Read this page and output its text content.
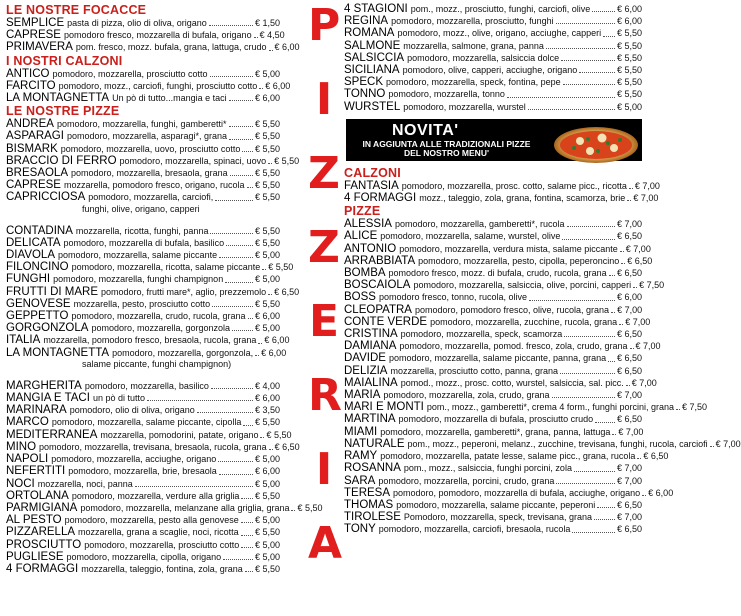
LE NOSTRE FOCACCE
SEMPLICE pasta di pizza, olio di oliva, origano	€ 1,50
CAPRESE pomodoro fresco, mozzarella di bufala, origano € 4,50
PRIMAVERA pom. fresco, mozz. bufala, grana, lattuga, crudo € 6,00
I NOSTRI CALZONI
ANTICO pomodoro, mozzarella, prosciutto cotto	€ 5,00
FARCITO pomodoro, mozz., carciofi, funghi, prosciutto cotto € 6,00
LA MONTAGNETTA Un pò di tutto...mangia e taci	€ 6,00
LE NOSTRE PIZZE
ANDREA pomodoro, mozzarella, funghi, gamberetti*	€ 5,50
ASPARAGI pomodoro, mozzarella, asparagi*, grana	€ 5,50
BISMARK pomodoro, mozzarella, uovo, prosciutto cotto € 5,50
BRACCIO DI FERRO pomodoro, mozzarella, spinaci, uovo € 5,50
BRESAOLA pomodoro, mozzarella, bresaola, grana	€ 5,50
CAPRESE mozzarella, pomodoro fresco, origano, rucola € 5,50
CAPRICCIOSA pomodoro, mozzarella, carciofi,	€ 5,50
funghi, olive, origano, capperi
CONTADINA mozzarella, ricotta, funghi, panna	€ 5,50
DELICATA pomodoro, mozzarella di bufala, basilico	€ 5,50
DIAVOLA pomodoro, mozzarella, salame piccante	€ 5,00
FILONCINO pomodoro, mozzarella, ricotta, salame piccante € 5,50
FUNGHI pomodoro, mozzarella, funghi champignon	€ 5,00
FRUTTI DI MARE pomodoro, frutti mare*, aglio, prezzemolo € 6,50
GENOVESE mozzarella, pesto, prosciutto cotto	€ 5,50
GEPPETTO pomodoro, mozzarella, crudo, rucola, grana € 6,00
GORGONZOLA pomodoro, mozzarella, gorgonzola	€ 5,00
ITALIA mozzarella, pomodoro fresco, bresaola, rucola, grana € 6,00
LA MONTAGNETTA pomodoro, mozzarella, gorgonzola, € 6,00
salame piccante, funghi champignon)
MARGHERITA pomodoro, mozzarella, basilico	€ 4,00
MANGIA E TACI un pò di tutto	€ 6,00
MARINARA pomodoro, olio di oliva, origano	€ 3,50
MARCO pomodoro, mozzarella, salame piccante, cipolla € 5,50
MEDITERRANEA mozzarella, pomodorini, patate, origano € 5,50
MINO pomodoro, mozzarella, trevisana, bresaola, rucola, grana € 6,50
NAPOLI pomodoro, mozzarella, acciughe, origano	€ 5,00
NEFERTITI pomodoro, mozzarella, brie, bresaola	€ 6,00
NOCI mozzarella, noci, panna	€ 5,00
ORTOLANA pomodoro, mozzarella, verdure alla griglia € 5,50
PARMIGIANA pomodoro, mozzarella, melanzane alla griglia, grana € 5,50
AL PESTO pomodoro, mozzarella, pesto alla genovese € 5,00
PIZZARELLA mozzarella, grana a scaglie, noci, ricotta € 5,50
PROSCIUTTO pomodoro, mozzarella, prosciutto cotto € 5,00
PUGLIESE pomodoro, mozzarella, cipolla, origano	€ 5,00
4 FORMAGGI mozzarella, taleggio, fontina, zola, grana € 5,50
P
I
Z
Z
E
R
I
A
4 STAGIONI pom., mozz., prosciutto, funghi, carciofi, olive	€ 6,00
REGINA pomodoro, mozzarella, prosciutto, funghi	€ 6,00
ROMANA pomodoro, mozz., olive, origano, acciughe, capperi € 5,50
SALMONE mozzarella, salmone, grana, panna	€ 5,50
SALSICCIA pomodoro, mozzarella, salsiccia dolce	€ 5,50
SICILIANA pomodoro, olive, capperi, acciughe, origano	€ 5,50
SPECK pomodoro, mozzarella, speck, fontina, pepe	€ 5,50
TONNO pomodoro, mozzarella, tonno	€ 5,50
WURSTEL pomodoro, mozzarella, wurstel	€ 5,00
NOVITA'
IN AGGIUNTA ALLE TRADIZIONALI PIZZE DEL NOSTRO MENU'
CALZONI
FANTASIA pomodoro, mozzarella, prosc. cotto, salame picc., ricotta € 7,00
4 FORMAGGI mozz., taleggio, zola, grana, fontina, scamorza, brie € 7,00
PIZZE
ALESSIA pomodoro, mozzarella, gamberetti*, rucola	€ 7,00
ALICE pomodoro, mozzarella, salame, wurstel, olive	€ 6,50
ANTONIO pomodoro, mozzarella, verdura mista, salame piccante € 7,00
ARRABBIATA pomodoro, mozzarella, pesto, cipolla, peperoncino € 6,50
BOMBA pomodoro fresco, mozz. di bufala, crudo, rucola, grana € 6,50
BOSCAIOLA pomodoro, mozzarella, salsiccia, olive, porcini, capperi € 7,50
BOSS pomodoro fresco, tonno, rucola, olive	€ 6,00
CLEOPATRA pomodoro, pomodoro fresco, olive, rucola, grana € 7,00
CONTE VERDE pomodoro, mozzarella, zucchine, rucola, grana € 7,00
CRISTINA pomodoro, mozzarella, speck, scamorza	€ 6,50
DAMIANA pomodoro, mozzarella, pomod. fresco, zola, crudo, grana € 7,00
DAVIDE pomodoro, mozzarella, salame piccante, panna, grana € 6,50
DELIZIA mozzarella, prosciutto cotto, panna, grana	€ 6,50
MAIALINA pomod., mozz., prosc. cotto, wurstel, salsiccia, sal. picc. € 7,00
MARIA pomodoro, mozzarella, zola, crudo, grana	€ 7,00
MARI E MONTI pom., mozz., gamberetti*, crema 4 form., funghi porcini, grana € 7,50
MARTINA pomodoro, mozzarella di bufala, prosciutto crudo	€ 6,50
MIAMI pomodoro, mozzarella, gamberetti*, grana, panna, lattuga € 7,00
NATURALE pom., mozz., peperoni, melanz., zucchine, trevisana, funghi, rucola, carciofi € 7,00
RAMY pomodoro, mozzarella, patate lesse, salame picc., grana, rucola € 6,50
ROSANNA pom., mozz., salsiccia, funghi porcini, zola	€ 7,00
SARA pomodoro, mozzarella, porcini, crudo, grana	€ 7,00
TERESA pomodoro, pomodoro, mozzarella di bufala, acciughe, origano € 6,00
THOMAS pomodoro, mozzarella, salame piccante, peperoni € 6,50
TIROLESE Pomodoro, mozzarella, speck, trevisana, grana	€ 7,00
TONY pomodoro, mozzarella, carciofi, bresaola, rucola	€ 6,50
